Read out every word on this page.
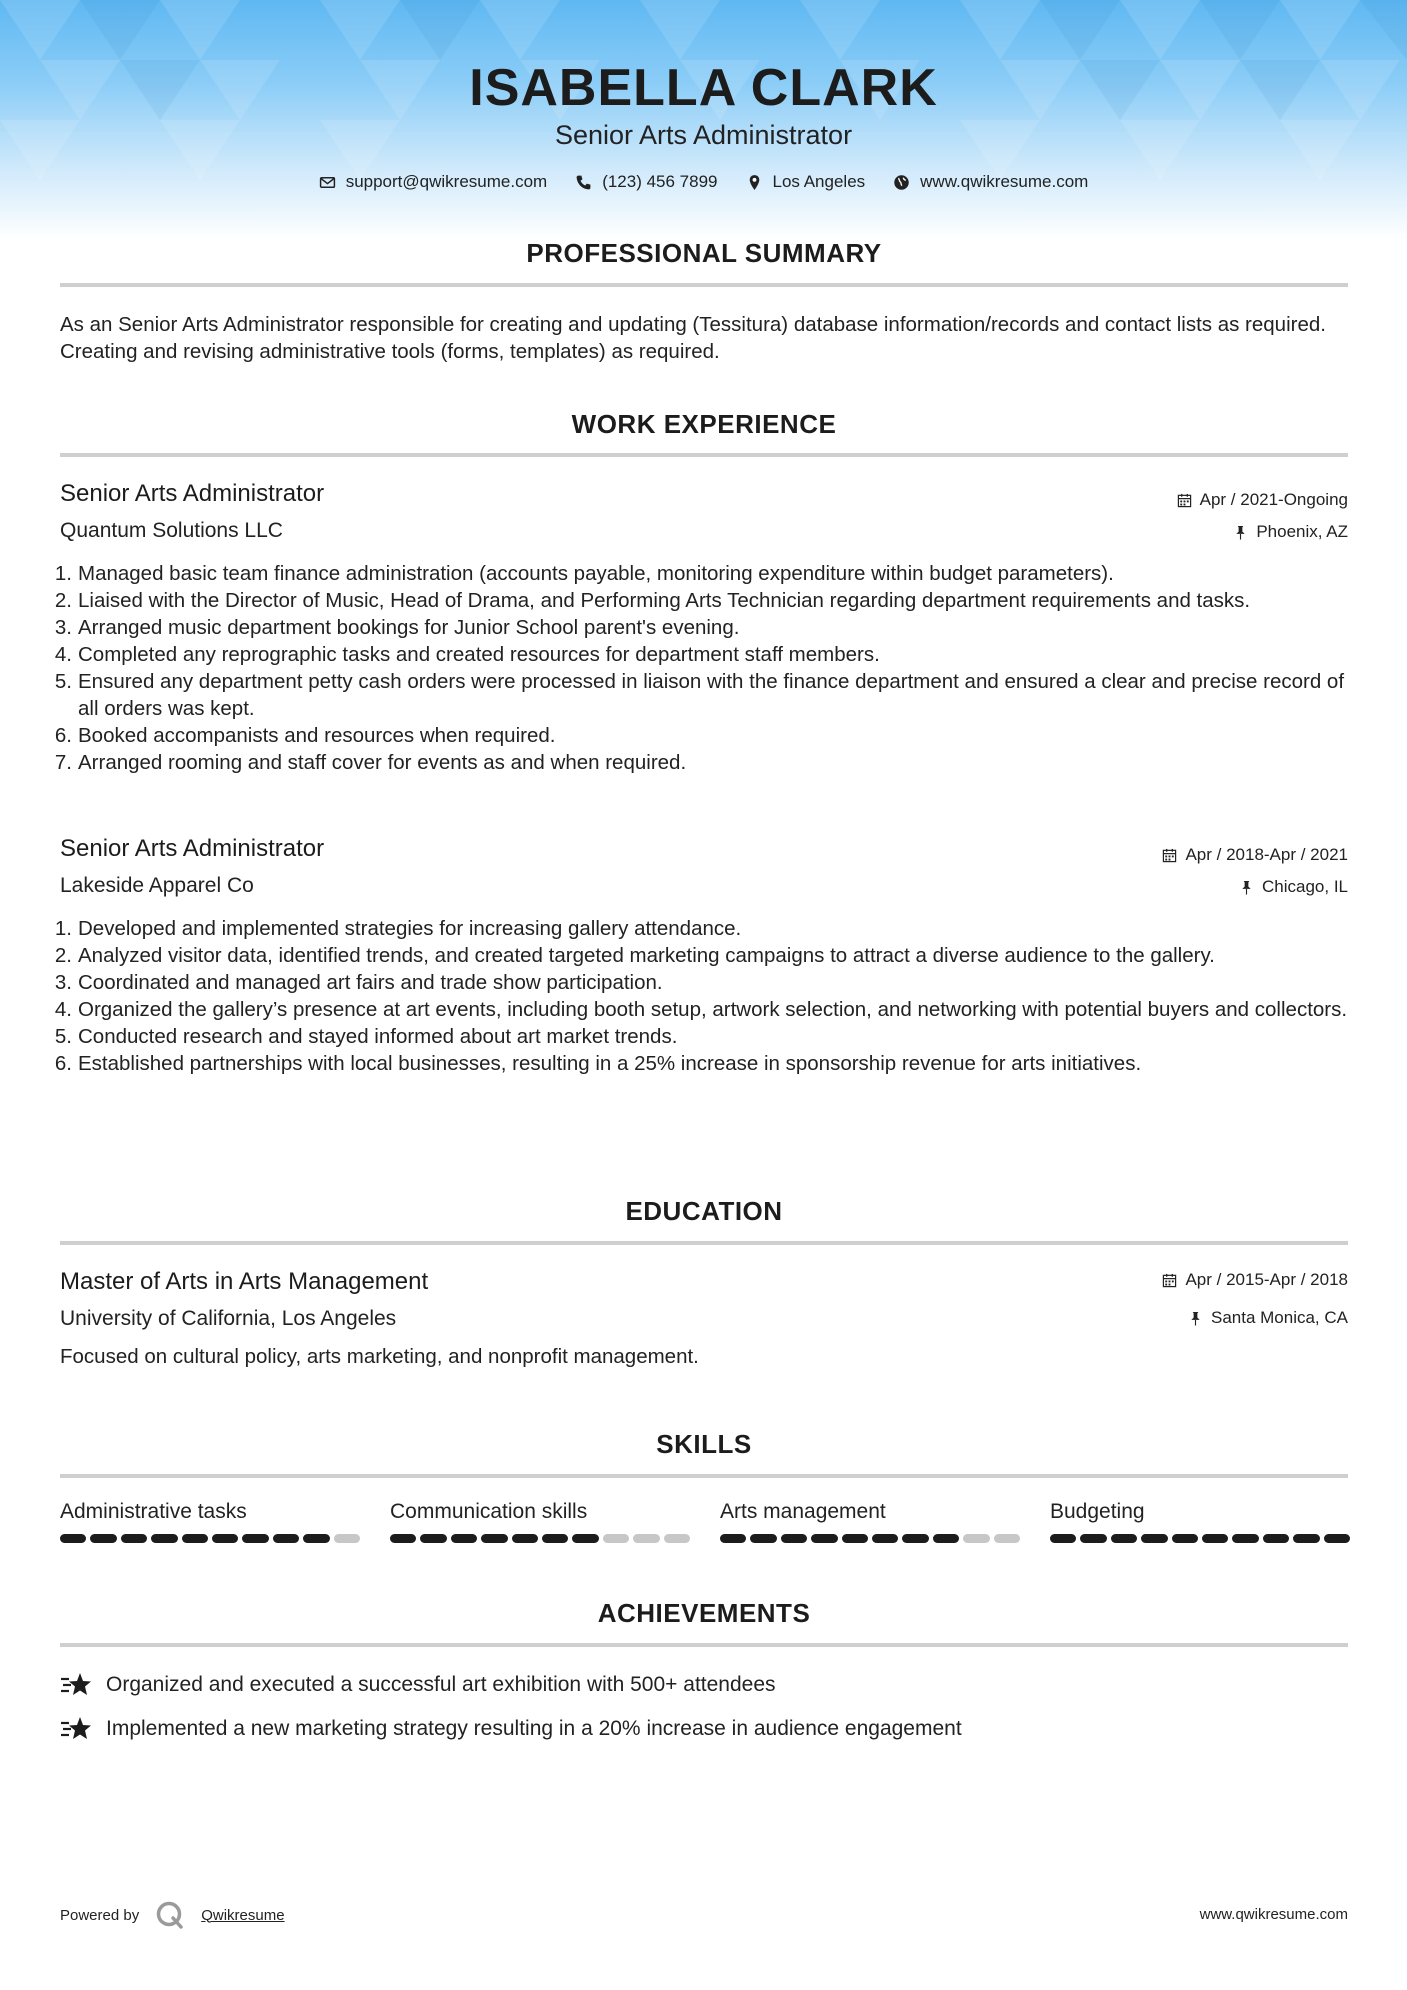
ISABELLA CLARK
Senior Arts Administrator
support@qwikresume.com	(123) 456 7899	Los Angeles	www.qwikresume.com
PROFESSIONAL SUMMARY
As an Senior Arts Administrator responsible for creating and updating (Tessitura) database information/records and contact lists as required. Creating and revising administrative tools (forms, templates) as required.
WORK EXPERIENCE
Senior Arts Administrator	Apr / 2021-Ongoing
Quantum Solutions LLC	Phoenix, AZ
1. Managed basic team finance administration (accounts payable, monitoring expenditure within budget parameters).
2. Liaised with the Director of Music, Head of Drama, and Performing Arts Technician regarding department requirements and tasks.
3. Arranged music department bookings for Junior School parent's evening.
4. Completed any reprographic tasks and created resources for department staff members.
5. Ensured any department petty cash orders were processed in liaison with the finance department and ensured a clear and precise record of all orders was kept.
6. Booked accompanists and resources when required.
7. Arranged rooming and staff cover for events as and when required.
Senior Arts Administrator	Apr / 2018-Apr / 2021
Lakeside Apparel Co	Chicago, IL
1. Developed and implemented strategies for increasing gallery attendance.
2. Analyzed visitor data, identified trends, and created targeted marketing campaigns to attract a diverse audience to the gallery.
3. Coordinated and managed art fairs and trade show participation.
4. Organized the gallery’s presence at art events, including booth setup, artwork selection, and networking with potential buyers and collectors.
5. Conducted research and stayed informed about art market trends.
6. Established partnerships with local businesses, resulting in a 25% increase in sponsorship revenue for arts initiatives.
EDUCATION
Master of Arts in Arts Management	Apr / 2015-Apr / 2018
University of California, Los Angeles	Santa Monica, CA
Focused on cultural policy, arts marketing, and nonprofit management.
SKILLS
Administrative tasks	Communication skills	Arts management	Budgeting
ACHIEVEMENTS
Organized and executed a successful art exhibition with 500+ attendees
Implemented a new marketing strategy resulting in a 20% increase in audience engagement
Powered by	Qwikresume	www.qwikresume.com
